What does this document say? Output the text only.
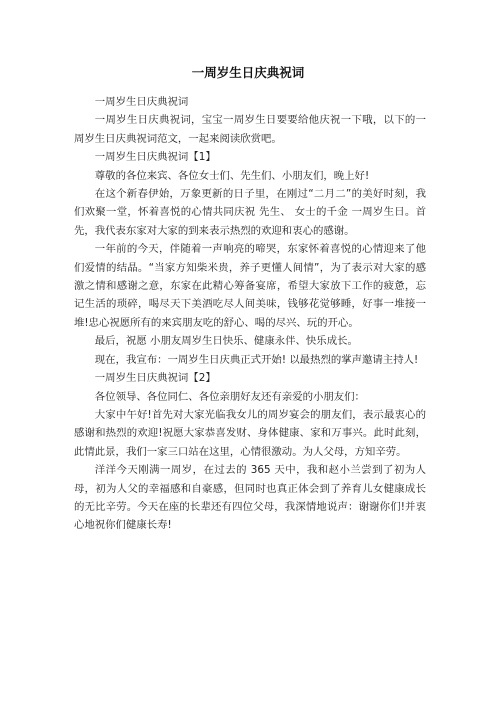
一周岁生日庆典祝词

一周岁生日庆典祝词

一周岁生日庆典祝词，宝宝一周岁生日要要给他庆祝一下哦，以下的一周岁生日庆典祝词范文，一起来阅读欣赏吧。

一周岁生日庆典祝词【1】

尊敬的各位来宾、各位女士们、先生们、小朋友们，晚上好!

在这个新春伊始，万象更新的日子里，在刚过“二月二”的美好时刻，我们欢聚一堂，怀着喜悦的心情共同庆祝 先生、 女士的千金 一周岁生日。首先，我代表东家对大家的到来表示热烈的欢迎和衷心的感谢。

一年前的今天，伴随着一声响亮的啼哭，东家怀着喜悦的心情迎来了他们爱情的结晶。“当家方知柴米贵，养子更懂人间情”，为了表示对大家的感激之情和感谢之意，东家在此精心筹备宴席，希望大家放下工作的疲惫，忘记生活的琐碎，喝尽天下美酒吃尽人间美味，钱够花觉够睡，好事一堆接一堆!忠心祝愿所有的来宾朋友吃的舒心、喝的尽兴、玩的开心。

最后，祝愿 小朋友周岁生日快乐、健康永伴、快乐成长。

现在，我宣布：一周岁生日庆典正式开始! 以最热烈的掌声邀请主持人!

一周岁生日庆典祝词【2】

各位领导、各位同仁、各位亲朋好友还有亲爱的小朋友们：

大家中午好!首先对大家光临我女儿的周岁宴会的朋友们，表示最衷心的感谢和热烈的欢迎!祝愿大家恭喜发财、身体健康、家和万事兴。此时此刻，此情此景，我们一家三口站在这里，心情很激动。为人父母，方知辛劳。

洋洋今天刚满一周岁，在过去的 365 天中，我和赵小兰尝到了初为人母，初为人父的幸福感和自豪感，但同时也真正体会到了养育儿女健康成长的无比辛劳。今天在座的长辈还有四位父母，我深情地说声：谢谢你们!并衷心地祝你们健康长寿!
